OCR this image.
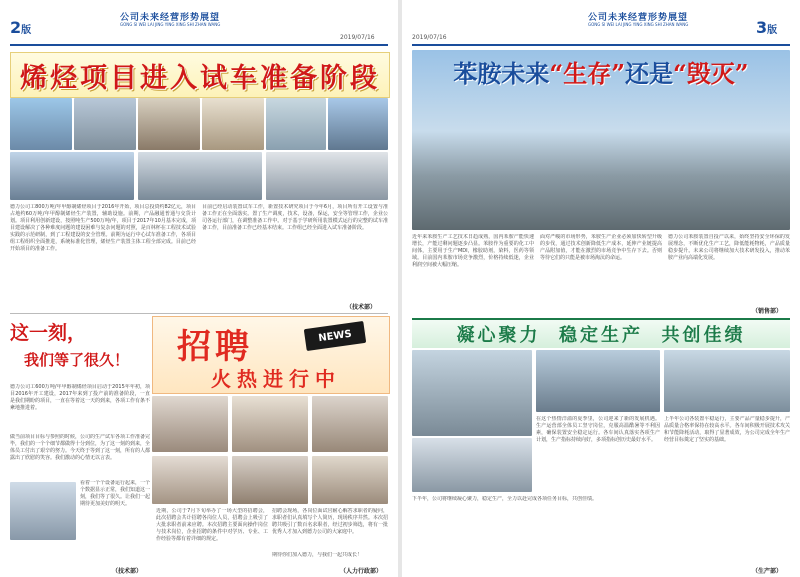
2版
公司未来经营形势展望
GONG SI WEI LAI JING YING XING SHI ZHAN WANG
2019/07/16
烯烃项目进入试车准备阶段
德力公司工800万吨/年甲醇制烯烃项目于2016年开始，项目总投资约82亿元，项目占地约60万吨/年甲醇制烯烃生产装置，辅助设施。前期，产品融通普通与交货计划。项目利用创新建设，按照吨生产500万吨/年，项目于2017年10月基本完成，项目建设解决了各种难度问题的建设困难与复杂问题的对照，是百林杯在工程技术试验实践的示范研制，到了工程建设的安全管理。前期为运行中心试车准备工作，各项目组工程组织全面推进，系统标准化管理，烯烃生产装置主体工程全部完成。目前已经开始项目的准备工作。
目前已经启动装置试车工作，新置技术研究项目于今年6月，项目所有开工设置与准备工作正在全面落实。置了生产调度，技术，设备，保运，安全等管理工作，企业公司各运行部门，在调整准备工作中。对于基于学研所用装置模式运行的完整的试车准备工作，目前准备工作已经基本结束。工作组已经全面进入试车准备阶段。
（技术部）
这一刻，
我们等了很久！
德力公司工600万吨/年甲醇制烯烃项目启动于2015年年初，项目2016年开工建设，2017年来到了投产前的准备阶段，一直是我们期盼的项目，一直在等着这一天的到来，各项工作有条不紊地推进着。
做当前项目目标与参照的时候，公司的生产试车各项工作准备完毕，我们的一个个细节都做得十分到位，为了这一刻的到来，全体员工付出了艰辛的努力。今天终于等到了这一刻，所有的人都露出了欣慰的笑容。我们激动的心情无以言表。
看着一个个设备运行起来，一个个数据显示正常，我们知道这一刻，我们等了很久。让我们一起期待更加美好的明天。
（技术部）
招聘	NEWS
火热进行中
近期，公司于7月下旬举办了一场大型的招聘会，此次招聘会共计招聘各岗位人员，招聘会上吸引了大批求职者前来应聘。本次招聘主要面向操作岗位与技术岗位，企业招聘的条件中对学历、专业、工作经验等都有着详细的规定。
招聘会现场，各岗位面试官耐心解答求职者的疑问，求职者们认真填写个人简历，现场秩序井然。本次招聘共吸引了数百名求职者，经过初步筛选，将有一批优秀人才加入到德力公司的大家庭中。
期待你们加入德力，与我们一起共成长！
（人力行政部）
2019/07/16
公司未来经营形势展望
GONG SI WEI LAI JING YING XING SHI ZHAN WANG	3版
苯胺未来“生存”还是“毁灭”
近年来苯胺生产工艺技术日趋成熟，国内苯胺产能快速增长，产能过剩问题逐步凸显。苯胺作为重要的化工中间体，主要用于生产MDI，橡胶助剂，染料，医药等领域。目前国内苯胺市场竞争激烈，价格持续低迷，企业利润空间被大幅压缩。
面对严峻的市场形势，苯胺生产企业必须加快转型升级的步伐，通过技术创新降低生产成本，延伸产业链提高产品附加值，才能在激烈的市场竞争中生存下去。否则等待它们的只能是被市场淘汰的命运。
德力公司苯胺装置自投产以来，始终坚持安全环保的发展理念，不断优化生产工艺，降低能耗物耗，产品质量稳步提升。未来公司将继续加大技术研发投入，推动苯胺产业向高端化发展。
（销售部）
凝心聚力  稳定生产  共创佳绩
在这个热情洋溢的夏季里，公司迎来了新的发展机遇。生产运营部全体员工坚守岗位，克服高温酷暑等不利因素，确保装置安全稳定运行。各车间认真落实各项生产计划，生产指标持续向好，多项指标创历史最好水平。
上半年公司各装置平稳运行，主要产品产量稳步提升，产品质量合格率保持在较高水平。各车间积极开展技术攻关和节能降耗活动，取得了显著成效，为公司完成全年生产经营目标奠定了坚实的基础。
下半年，公司将继续凝心聚力，稳定生产，全力以赴完成各项任务目标，共创佳绩。
（生产部）
